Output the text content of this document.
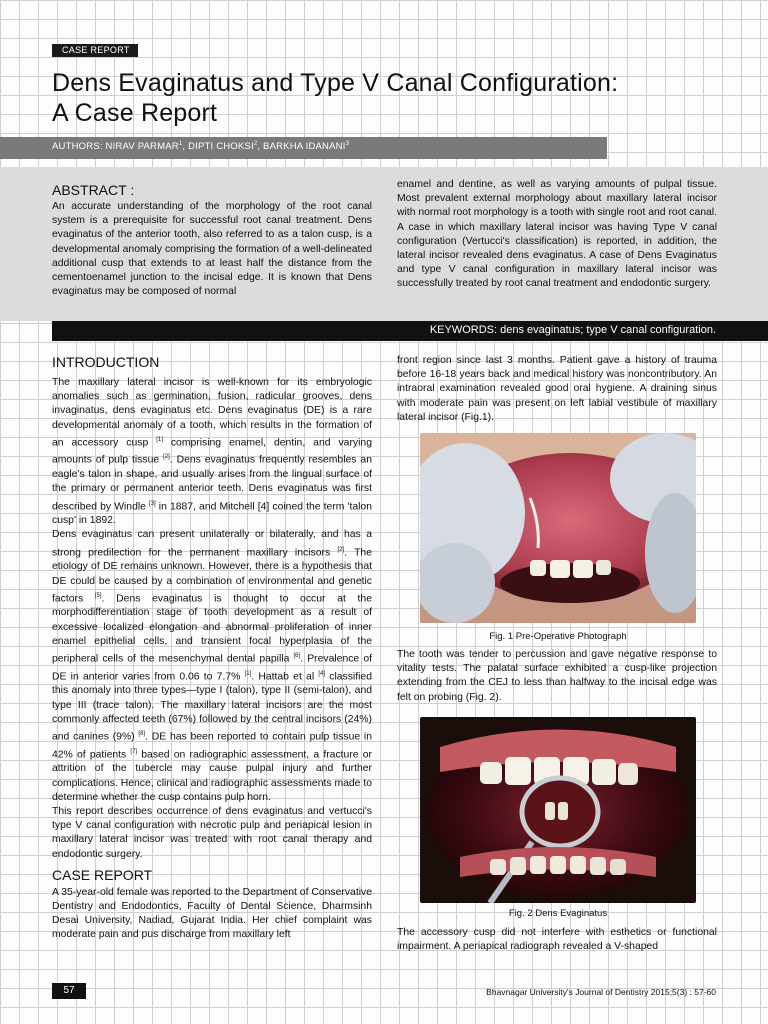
CASE REPORT
Dens Evaginatus and Type V Canal Configuration:
A Case Report
AUTHORS: NIRAV PARMAR$^1$, DIPTI CHOKSI$^2$, BARKHA IDANANI$^3$
ABSTRACT :
An accurate understanding of the morphology of the root canal system is a prerequisite for successful root canal treatment. Dens evaginatus of the anterior tooth, also referred to as a talon cusp, is a developmental anomaly comprising the formation of a well-delineated additional cusp that extends to at least half the distance from the cementoenamel junction to the incisal edge. It is known that Dens evaginatus may be composed of normal
enamel and dentine, as well as varying amounts of pulpal tissue. Most prevalent external morphology about maxillary lateral incisor with normal root morphology is a tooth with single root and root canal. A case in which maxillary lateral incisor was having Type V canal configuration (Vertucci's classification) is reported, in addition, the lateral incisor revealed dens evaginatus. A case of Dens Evaginatus and type V canal configuration in maxillary lateral incisor was successfully treated by root canal treatment and endodontic surgery.
KEYWORDS: dens evaginatus; type V canal configuration.
INTRODUCTION
The maxillary lateral incisor is well-known for its embryologic anomalies such as germination, fusion, radicular grooves, dens invaginatus, dens evaginatus etc. Dens evaginatus (DE) is a rare developmental anomaly of a tooth, which results in the formation of an accessory cusp [1] comprising enamel, dentin, and varying amounts of pulp tissue [2]. Dens evaginatus frequently resembles an eagle's talon in shape, and usually arises from the lingual surface of the primary or permanent anterior teeth. Dens evaginatus was first described by Windle [3] in 1887, and Mitchell [4] coined the term 'talon cusp' in 1892.
Dens evaginatus can present unilaterally or bilaterally, and has a strong predilection for the permanent maxillary incisors [2]. The etiology of DE remains unknown. However, there is a hypothesis that DE could be caused by a combination of environmental and genetic factors [5]. Dens evaginatus is thought to occur at the morphodifferentiation stage of tooth development as a result of excessive localized elongation and abnormal proliferation of inner enamel epithelial cells, and transient focal hyperplasia of the peripheral cells of the mesenchymal dental papilla [6]. Prevalence of DE in anterior varies from 0.06 to 7.7% [1]. Hattab et al [4] classified this anomaly into three types—type I (talon), type II (semi-talon), and type III (trace talon). The maxillary lateral incisors are the most commonly affected teeth (67%) followed by the central incisors (24%) and canines (9%) [8]. DE has been reported to contain pulp tissue in 42% of patients [7] based on radiographic assessment, a fracture or attrition of the tubercle may cause pulpal injury and further complications. Hence, clinical and radiographic assessments made to determine whether the cusp contains pulp horn.
This report describes occurrence of dens evaginatus and vertucci's type V canal configuration with necrotic pulp and periapical lesion in maxillary lateral incisor was treated with root canal therapy and endodontic surgery.
CASE REPORT
A 35-year-old female was reported to the Department of Conservative Dentistry and Endodontics, Faculty of Dental Science, Dharmsinh Desai University, Nadiad, Gujarat India. Her chief complaint was moderate pain and pus discharge from maxillary left
front region since last 3 months. Patient gave a history of trauma before 16-18 years back and medical history was noncontributory. An intraoral examination revealed good oral hygiene. A draining sinus with moderate pain was present on left labial vestibule of maxillary lateral incisor (Fig.1).
Fig. 1 Pre-Operative Photograph
The tooth was tender to percussion and gave negative response to vitality tests. The palatal surface exhibited a cusp-like projection extending from the CEJ to less than halfway to the incisal edge was felt on probing (Fig. 2).
Fig. 2 Dens Evaginatus
The accessory cusp did not interfere with esthetics or functional impairment. A periapical radiograph revealed a V-shaped
57	Bhavnagar University's Journal of Dentistry 2015;5(3) : 57-60
